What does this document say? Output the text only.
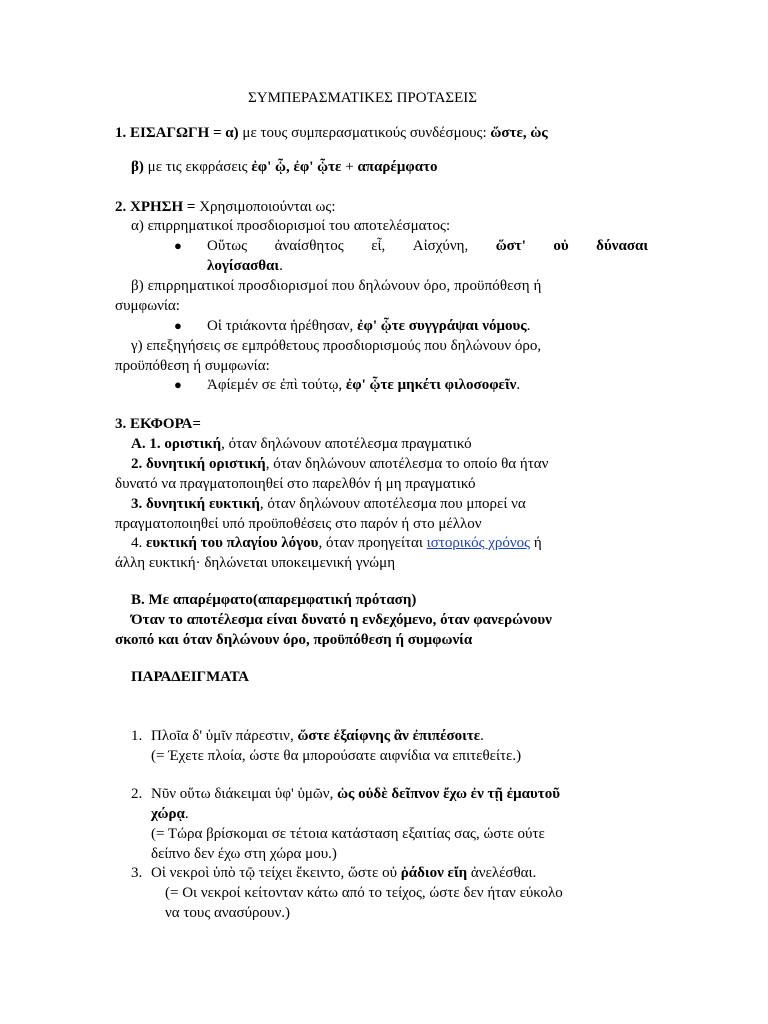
ΣΥΜΠΕΡΑΣΜΑΤΙΚΕΣ ΠΡΟΤΑΣΕΙΣ
1. ΕΙΣΑΓΩΓΗ = α) με τους συμπερασματικούς συνδέσμους: ὥστε, ὡς
β) με τις εκφράσεις ἐφ' ᾧ, ἐφ' ᾧτε + απαρέμφατο
2. ΧΡΗΣΗ = Χρησιμοποιούνται ως:
α) επιρρηματικοί προσδιορισμοί του αποτελέσματος:
● Οὕτως ἀναίσθητος εἶ, Αἰσχύνη, ὥστ' οὐ δύνασαι
λογίσασθαι.
β) επιρρηματικοί προσδιορισμοί που δηλώνουν όρο, προϋπόθεση ή
συμφωνία:
● Οἱ τριάκοντα ἡρέθησαν, ἐφ' ᾧτε συγγράψαι νόμους.
γ) επεξηγήσεις σε εμπρόθετους προσδιορισμούς που δηλώνουν όρο,
προϋπόθεση ή συμφωνία:
● Ἀφίεμέν σε ἐπὶ τούτῳ, ἐφ' ᾧτε μηκέτι φιλοσοφεῖν.
3. ΕΚΦΟΡΑ=
Α. 1. οριστική, όταν δηλώνουν αποτέλεσμα πραγματικό
2. δυνητική οριστική, όταν δηλώνουν αποτέλεσμα το οποίο θα ήταν
δυνατό να πραγματοποιηθεί στο παρελθόν ή μη πραγματικό
3. δυνητική ευκτική, όταν δηλώνουν αποτέλεσμα που μπορεί να
πραγματοποιηθεί υπό προϋποθέσεις στο παρόν ή στο μέλλον
4. ευκτική του πλαγίου λόγου, όταν προηγείται ιστορικός χρόνος ή
άλλη ευκτική· δηλώνεται υποκειμενική γνώμη
Β. Με απαρέμφατο(απαρεμφατική πρόταση)
Όταν το αποτέλεσμα είναι δυνατό η ενδεχόμενο, όταν φανερώνουν
σκοπό και όταν δηλώνουν όρο, προϋπόθεση ή συμφωνία
ΠΑΡΑΔΕΙΓΜΑΤΑ
1. Πλοῖα δ' ὑμῖν πάρεστιν, ὥστε ἐξαίφνης ἂν ἐπιπέσοιτε.
(= Έχετε πλοία, ώστε θα μπορούσατε αιφνίδια να επιτεθείτε.)
2. Νῦν οὕτω διάκειμαι ὑφ' ὑμῶν, ὡς οὐδὲ δεῖπνον ἔχω ἐν τῇ ἐμαυτοῦ
χώρᾳ.
(= Τώρα βρίσκομαι σε τέτοια κατάσταση εξαιτίας σας, ώστε ούτε
δείπνο δεν έχω στη χώρα μου.)
3. Οἱ νεκροὶ ὑπὸ τῷ τείχει ἔκειντο, ὥστε οὐ ῥάδιον εἴη ἀνελέσθαι.
(= Οι νεκροί κείτονταν κάτω από το τείχος, ώστε δεν ήταν εύκολο
να τους ανασύρουν.)
